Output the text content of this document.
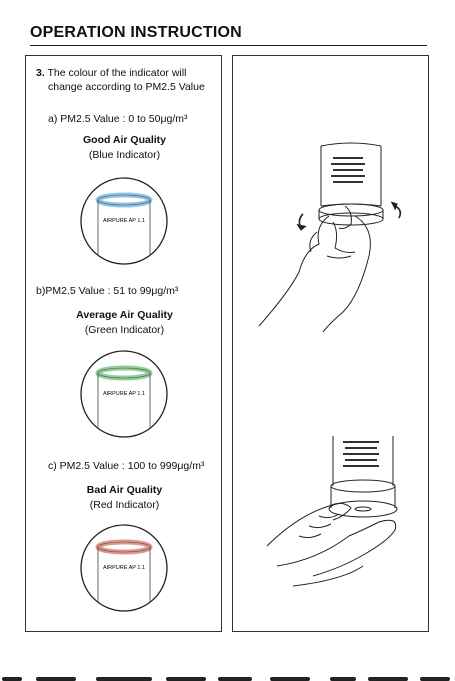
OPERATION INSTRUCTION
3. The colour of the indicator will
change according to PM2.5 Value
a) PM2.5 Value : 0 to 50μg/m³
Good Air Quality
(Blue Indicator)
AIRPURE AP 1.1
b)PM2.5 Value : 51 to 99μg/m³
Average Air Quality
(Green Indicator)
AIRPURE AP 1.1
c) PM2.5 Value : 100 to 999μg/m³
Bad Air Quality
(Red Indicator)
AIRPURE AP 1.1
